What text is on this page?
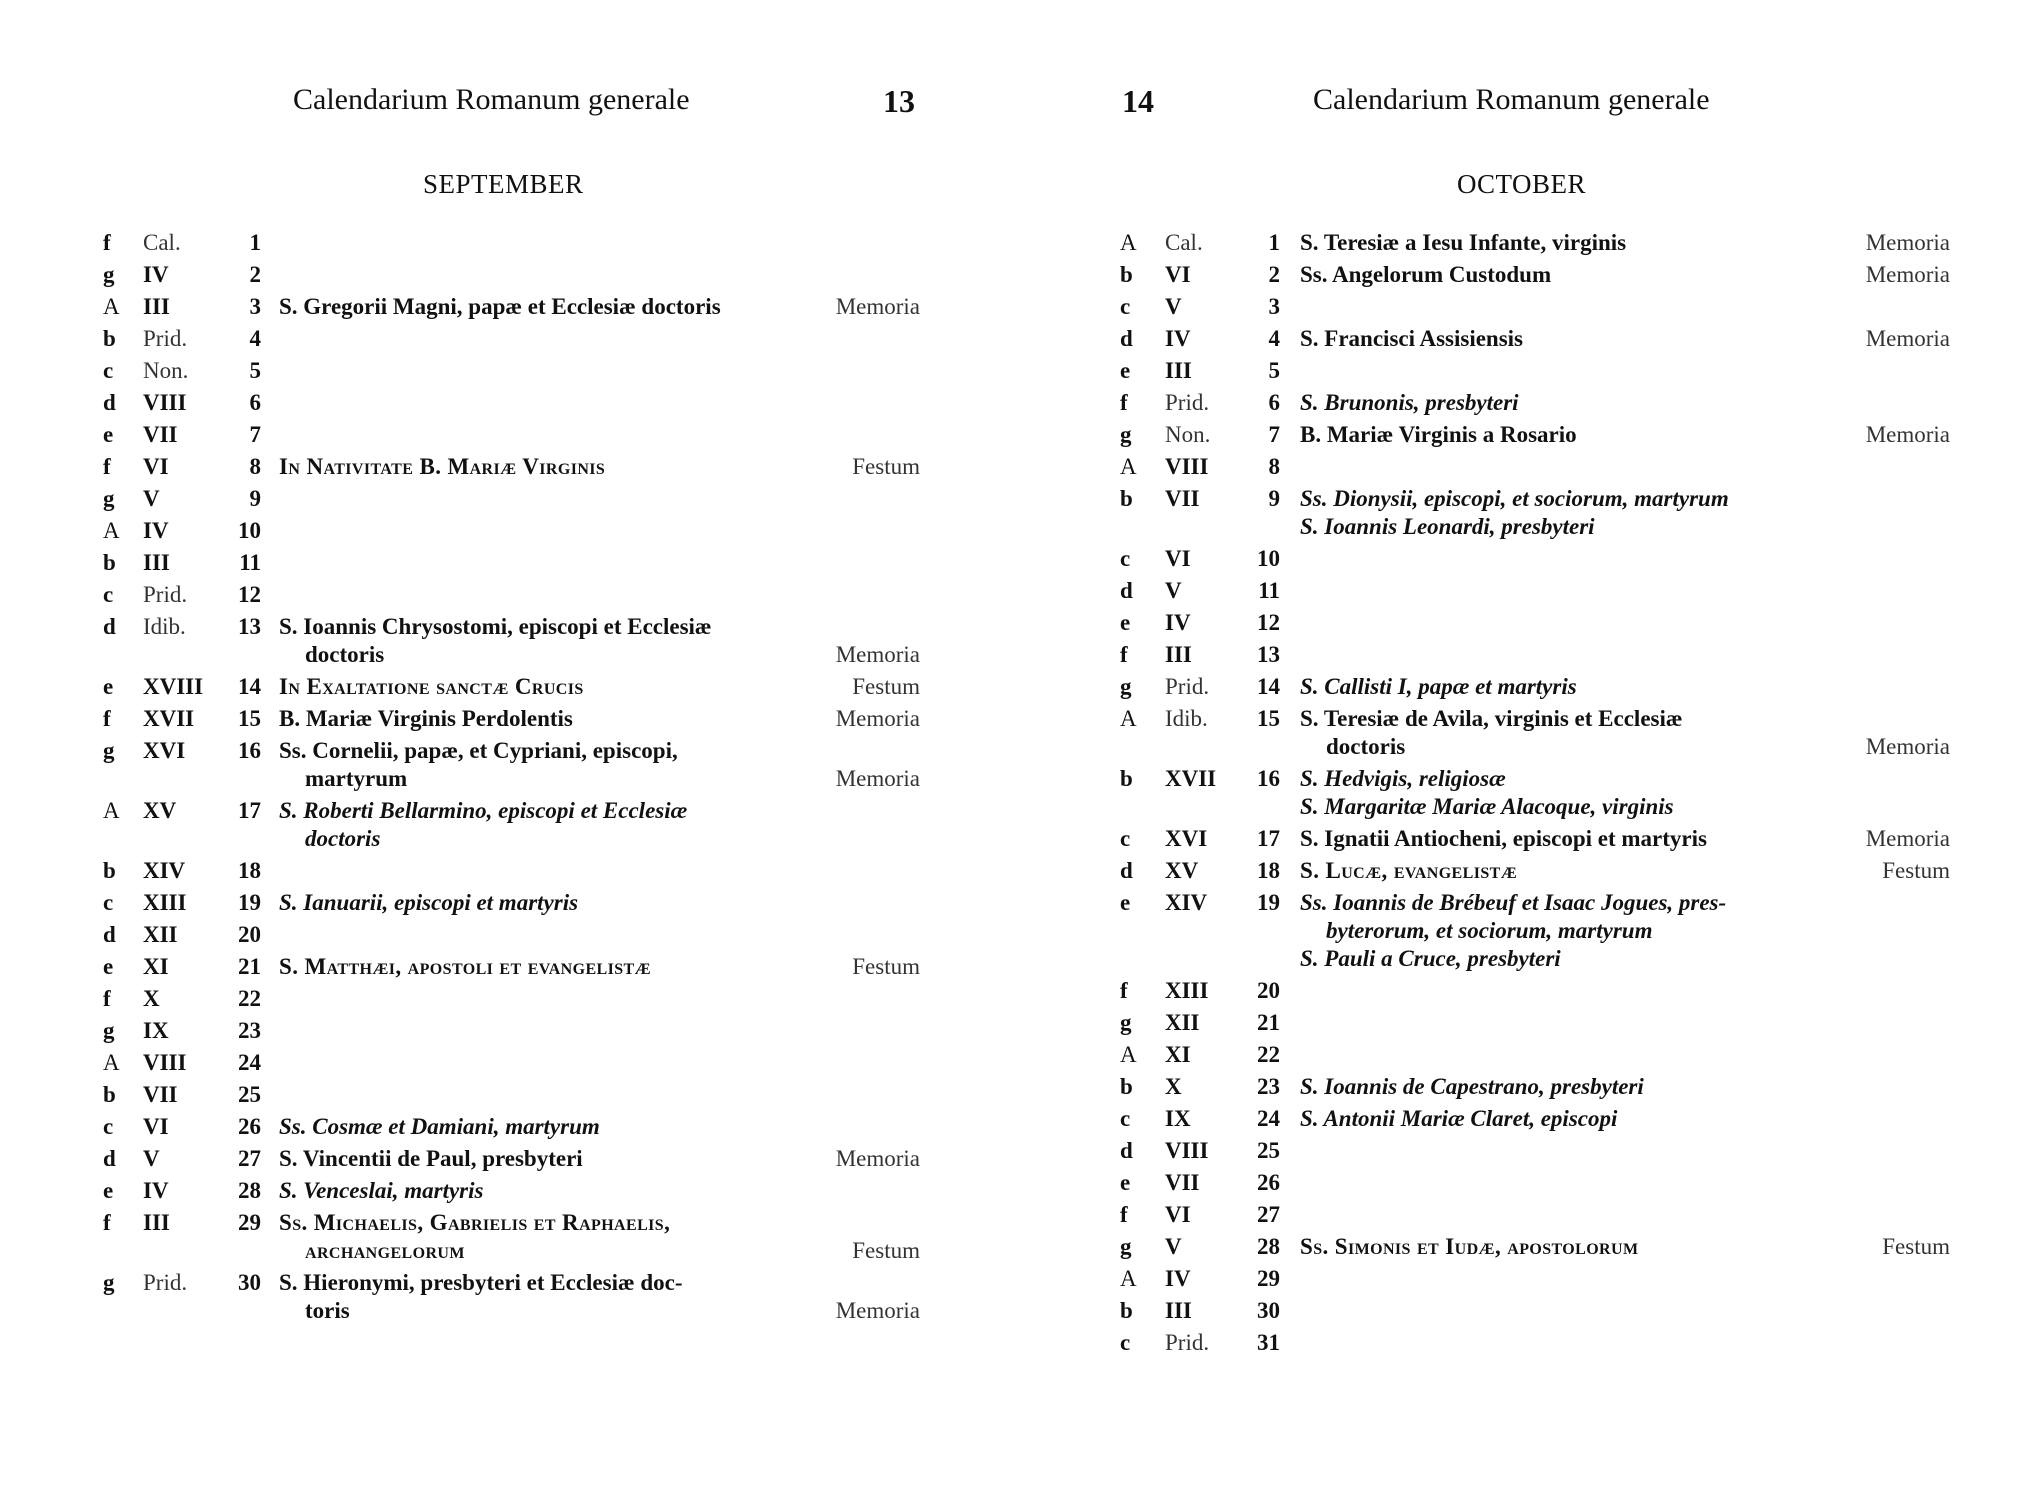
Calendarium Romanum generale	13
SEPTEMBER
f	Cal.	1
g	IV	2
A	III	3 S. Gregorii Magni, papæ et Ecclesiæ doctoris	Memoria
b	Prid.	4
c	Non.	5
d	VIII	6
e	VII	7
f	VI	8 In Nativitate B. Mariæ Virginis	Festum
g	V	9
A	IV	10
b	III	11
c	Prid.	12
d	Idib.	13 S. Ioannis Chrysostomi, episcopi et Ecclesiæ
doctoris	Memoria
e	XVIII	14 In Exaltatione sanctæ Crucis	Festum
f	XVII	15 B. Mariæ Virginis Perdolentis	Memoria
g	XVI	16 Ss. Cornelii, papæ, et Cypriani, episcopi,
martyrum	Memoria
A	XV	17 S. Roberti Bellarmino, episcopi et Ecclesiæ
doctoris
b	XIV	18
c	XIII	19 S. Ianuarii, episcopi et martyris
d	XII	20
e	XI	21 S. Matthæi, apostoli et evangelistæ	Festum
f	X	22
g	IX	23
A	VIII	24
b	VII	25
c	VI	26 Ss. Cosmæ et Damiani, martyrum
d	V	27 S. Vincentii de Paul, presbyteri	Memoria
e	IV	28 S. Venceslai, martyris
f	III	29 Ss. Michaelis, Gabrielis et Raphaelis,
archangelorum	Festum
g	Prid.	30 S. Hieronymi, presbyteri et Ecclesiæ doc-
toris	Memoria
14	Calendarium Romanum generale
OCTOBER
A	Cal.	1 S. Teresiæ a Iesu Infante, virginis	Memoria
b	VI	2 Ss. Angelorum Custodum	Memoria
c	V	3
d	IV	4 S. Francisci Assisiensis	Memoria
e	III	5
f	Prid.	6 S. Brunonis, presbyteri
g	Non.	7 B. Mariæ Virginis a Rosario	Memoria
A	VIII	8
b	VII	9 Ss. Dionysii, episcopi, et sociorum, martyrum
S. Ioannis Leonardi, presbyteri
c	VI	10
d	V	11
e	IV	12
f	III	13
g	Prid.	14 S. Callisti I, papæ et martyris
A	Idib.	15 S. Teresiæ de Avila, virginis et Ecclesiæ
doctoris	Memoria
b	XVII	16 S. Hedvigis, religiosæ
S. Margaritæ Mariæ Alacoque, virginis
c	XVI	17 S. Ignatii Antiocheni, episcopi et martyris	Memoria
d	XV	18 S. Lucæ, evangelistæ	Festum
e	XIV	19 Ss. Ioannis de Brébeuf et Isaac Jogues, pres-
byterorum, et sociorum, martyrum
S. Pauli a Cruce, presbyteri
f	XIII	20
g	XII	21
A	XI	22
b	X	23 S. Ioannis de Capestrano, presbyteri
c	IX	24 S. Antonii Mariæ Claret, episcopi
d	VIII	25
e	VII	26
f	VI	27
g	V	28 Ss. Simonis et Iudæ, apostolorum	Festum
A	IV	29
b	III	30
c	Prid.	31
